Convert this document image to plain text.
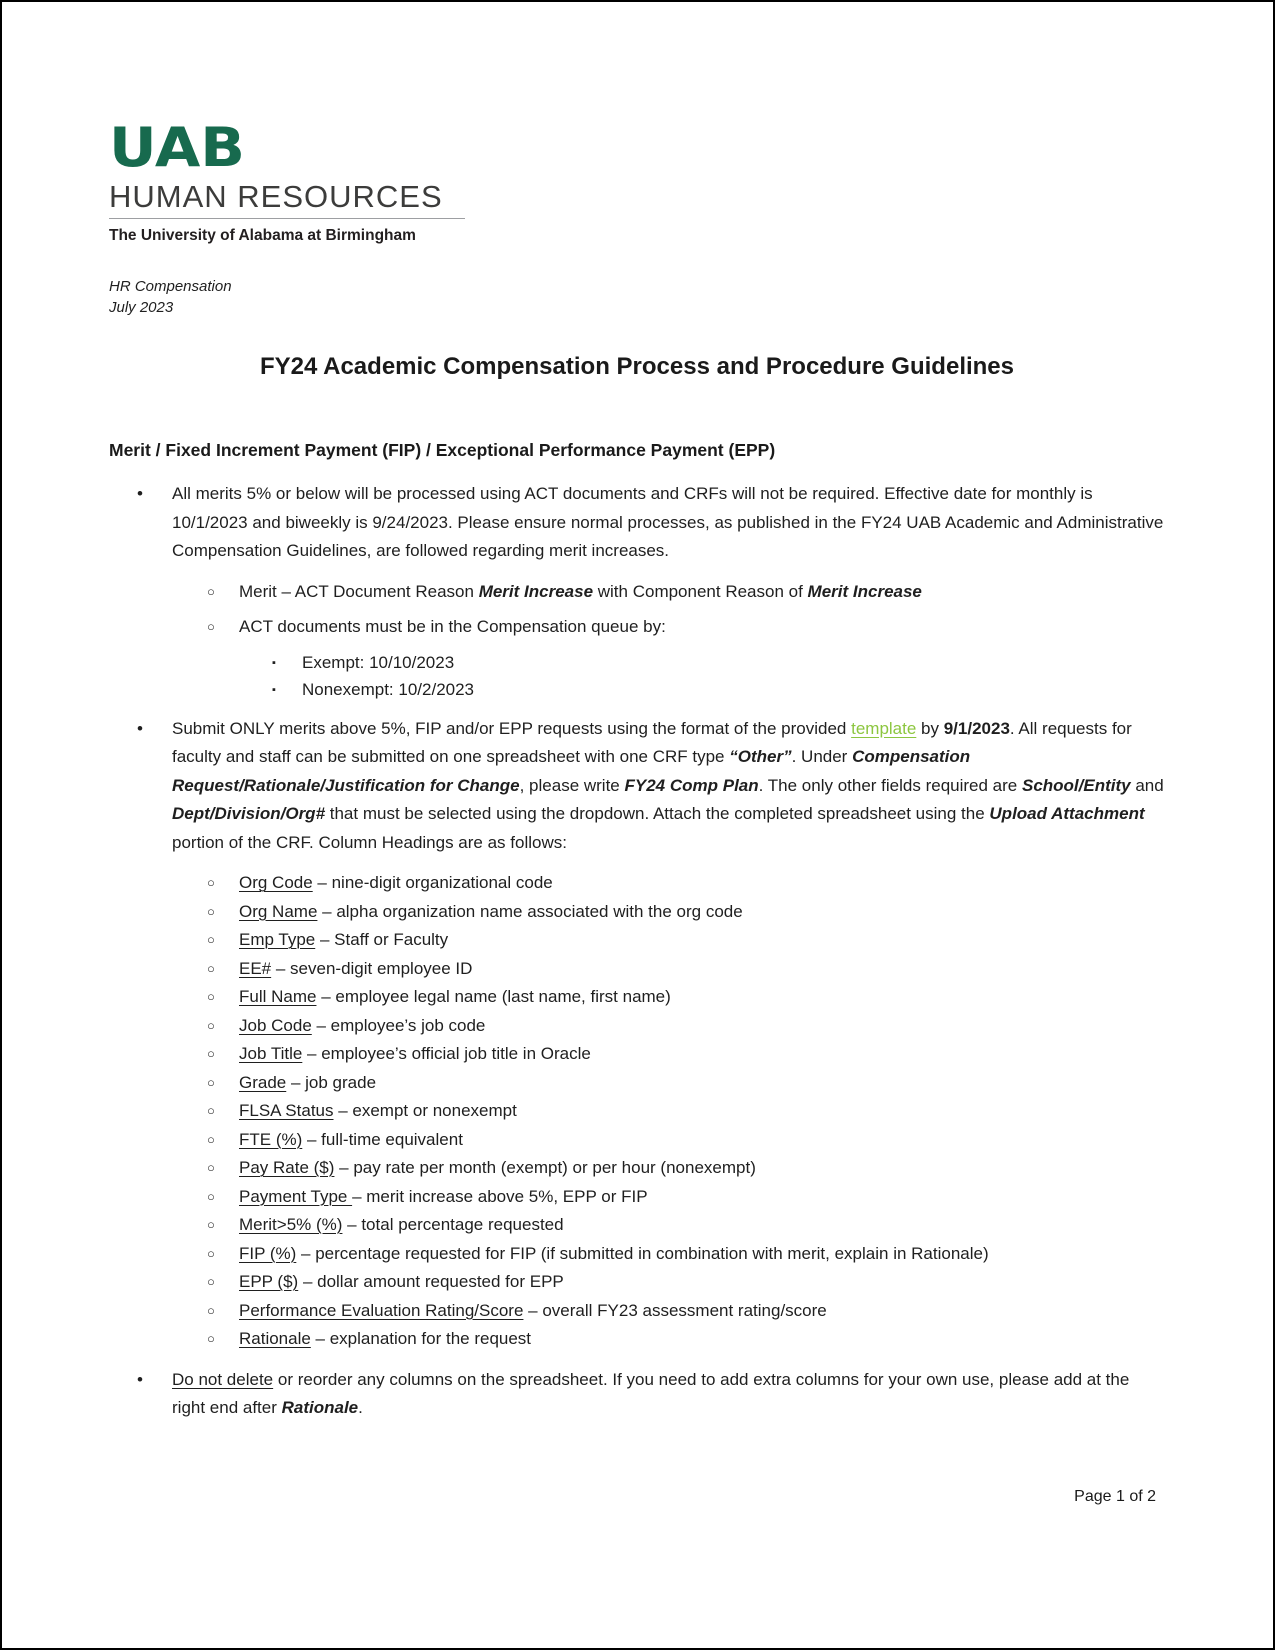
UAB
HUMAN RESOURCES
The University of Alabama at Birmingham
HR Compensation
July 2023
FY24 Academic Compensation Process and Procedure Guidelines
Merit / Fixed Increment Payment (FIP) / Exceptional Performance Payment (EPP)
•	All merits 5% or below will be processed using ACT documents and CRFs will not be required. Effective date for monthly is 10/1/2023 and biweekly is 9/24/2023. Please ensure normal processes, as published in the FY24 UAB Academic and Administrative Compensation Guidelines, are followed regarding merit increases.
○	Merit – ACT Document Reason Merit Increase with Component Reason of Merit Increase
○	ACT documents must be in the Compensation queue by:
▪	Exempt: 10/10/2023
▪	Nonexempt: 10/2/2023
•	Submit ONLY merits above 5%, FIP and/or EPP requests using the format of the provided template by 9/1/2023. All requests for faculty and staff can be submitted on one spreadsheet with one CRF type “Other”. Under Compensation Request/Rationale/Justification for Change, please write FY24 Comp Plan. The only other fields required are School/Entity and Dept/Division/Org# that must be selected using the dropdown. Attach the completed spreadsheet using the Upload Attachment portion of the CRF. Column Headings are as follows:
○	Org Code – nine-digit organizational code
○	Org Name – alpha organization name associated with the org code
○	Emp Type – Staff or Faculty
○	EE# – seven-digit employee ID
○	Full Name – employee legal name (last name, first name)
○	Job Code – employee’s job code
○	Job Title – employee’s official job title in Oracle
○	Grade – job grade
○	FLSA Status – exempt or nonexempt
○	FTE (%) – full-time equivalent
○	Pay Rate ($) – pay rate per month (exempt) or per hour (nonexempt)
○	Payment Type – merit increase above 5%, EPP or FIP
○	Merit>5% (%) – total percentage requested
○	FIP (%) – percentage requested for FIP (if submitted in combination with merit, explain in Rationale)
○	EPP ($) – dollar amount requested for EPP
○	Performance Evaluation Rating/Score – overall FY23 assessment rating/score
○	Rationale – explanation for the request
•	Do not delete or reorder any columns on the spreadsheet. If you need to add extra columns for your own use, please add at the right end after Rationale.
Page 1 of 2
